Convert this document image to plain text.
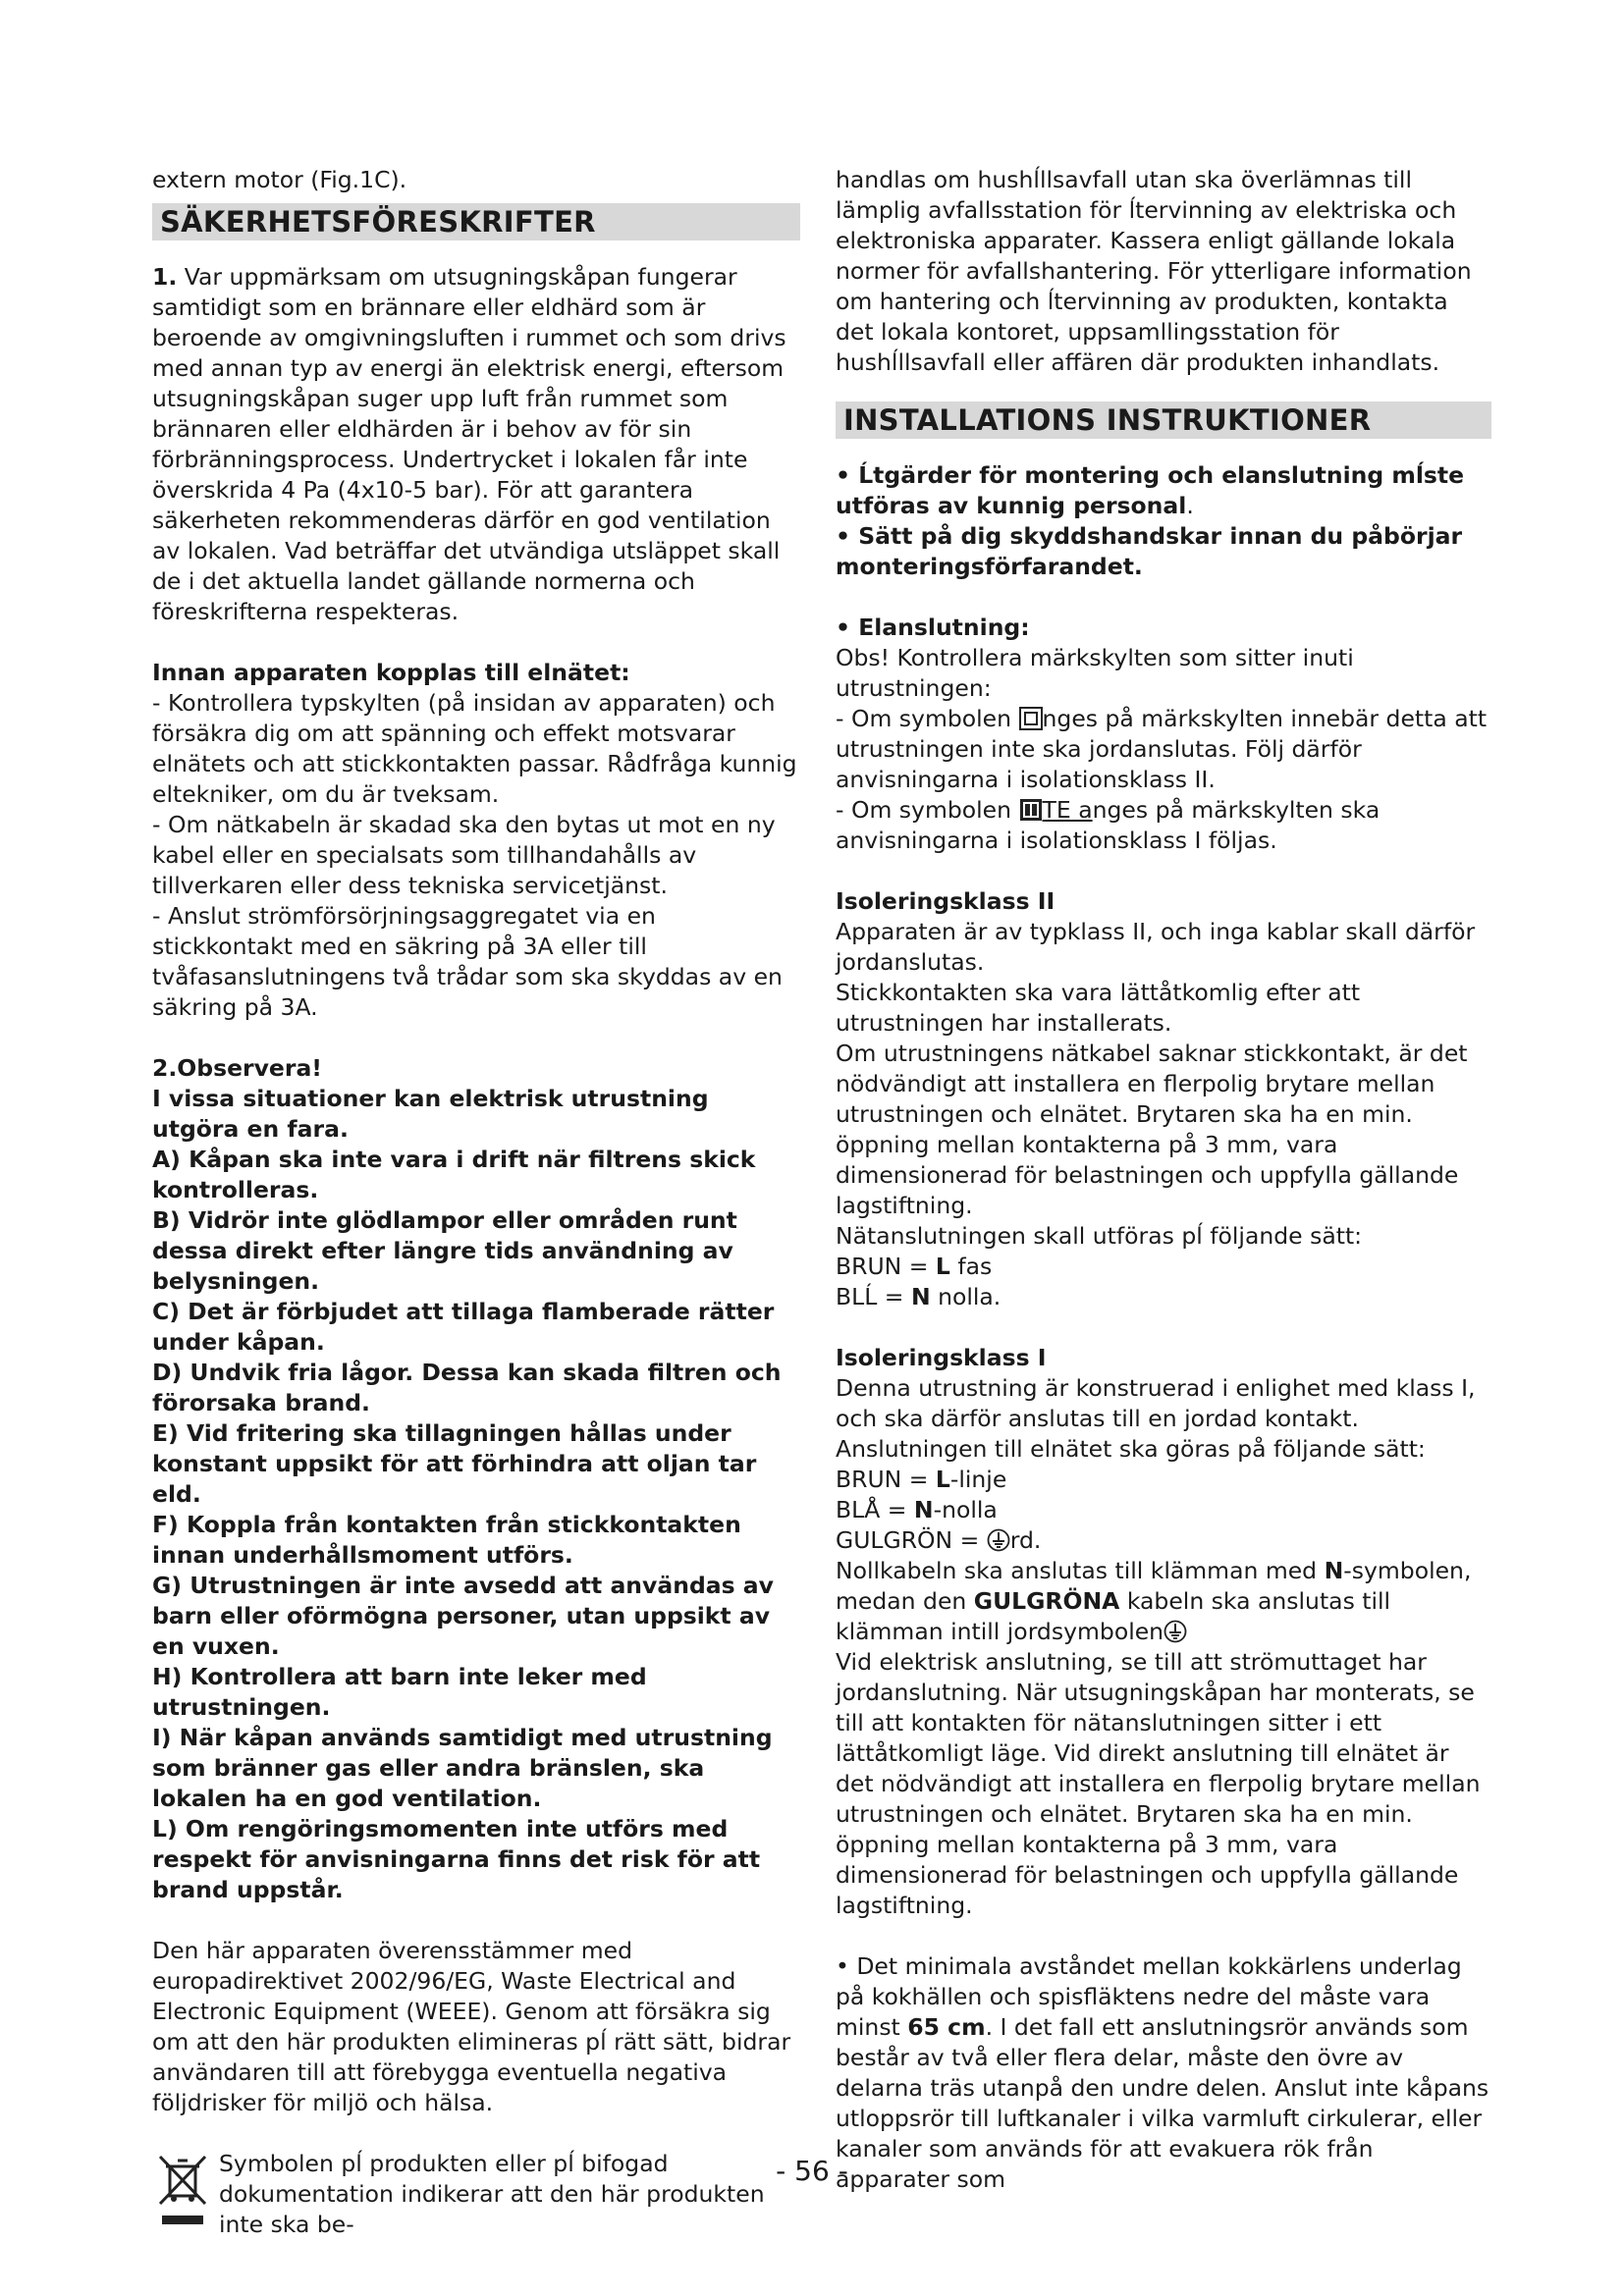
extern motor (Fig.1C).

SÄKERHETSFÖRESKRIFTER

1. Var uppmärksam om utsugningskåpan fungerar samtidigt som en brännare eller eldhärd som är beroende av omgivningsluften i rummet och som drivs med annan typ av energi än elektrisk energi, eftersom utsugningskåpan suger upp luft från rummet som brännaren eller eldhärden är i behov av för sin förbränningsprocess. Undertrycket i lokalen får inte överskrida 4 Pa (4x10-5 bar). För att garantera säkerheten rekommenderas därför en god ventilation av lokalen. Vad beträffar det utvändiga utsläppet skall de i det aktuella landet gällande normerna och föreskrifterna respekteras.

Innan apparaten kopplas till elnätet:

- Kontrollera typskylten (på insidan av apparaten) och försäkra dig om att spänning och effekt motsvarar elnätets och att stickkontakten passar. Rådfråga kunnig eltekniker, om du är tveksam.

- Om nätkabeln är skadad ska den bytas ut mot en ny kabel eller en specialsats som tillhandahålls av tillverkaren eller dess tekniska servicetjänst.

- Anslut strömförsörjningsaggregatet via en stickkontakt med en säkring på 3A eller till tvåfasanslutningens två trådar som ska skyddas av en säkring på 3A.

2.Observera!

I vissa situationer kan elektrisk utrustning utgöra en fara.

A) Kåpan ska inte vara i drift när filtrens skick kontrolleras.

B) Vidrör inte glödlampor eller områden runt dessa direkt efter längre tids användning av belysningen.

C) Det är förbjudet att tillaga flamberade rätter under kåpan.

D) Undvik fria lågor. Dessa kan skada filtren och förorsaka brand.

E) Vid fritering ska tillagningen hållas under konstant uppsikt för att förhindra att oljan tar eld.

F) Koppla från kontakten från stickkontakten innan underhållsmoment utförs.

G) Utrustningen är inte avsedd att användas av barn eller oförmögna personer, utan uppsikt av en vuxen.

H) Kontrollera att barn inte leker med utrustningen.

I) När kåpan används samtidigt med utrustning som bränner gas eller andra bränslen, ska lokalen ha en god ventilation.

L) Om rengöringsmomenten inte utförs med respekt för anvisningarna finns det risk för att brand uppstår.

Den här apparaten överensstämmer med europadirektivet 2002/96/EG, Waste Electrical and Electronic Equipment (WEEE). Genom att försäkra sig om att den här produkten elimineras pĺ rätt sätt, bidrar användaren till att förebygga eventuella negativa följdrisker för miljö och hälsa.

Symbolen pĺ produkten eller pĺ bifogad dokumentation indikerar att den här produkten inte ska be-

handlas om hushĺllsavfall utan ska överlämnas till lämplig avfallsstation för ĺtervinning av elektriska och elektroniska apparater. Kassera enligt gällande lokala normer för avfallshantering. För ytterligare information om hantering och ĺtervinning av produkten, kontakta det lokala kontoret, uppsamllingsstation för hushĺllsavfall eller affären där produkten inhandlats.

INSTALLATIONS INSTRUKTIONER

• Ĺtgärder för montering och elanslutning mĺste utföras av kunnig personal.

• Sätt på dig skyddshandskar innan du påbörjar monteringsförfarandet.

• Elanslutning:

Obs! Kontrollera märkskylten som sitter inuti utrustningen:

- Om symbolen nges på märkskylten innebär detta att utrustningen inte ska jordanslutas. Följ därför anvisningarna i isolationsklass II.

- Om symbolen TE anges på märkskylten ska anvisningarna i isolationsklass I följas.

Isoleringsklass II

Apparaten är av typklass II, och inga kablar skall därför jordanslutas.

Stickkontakten ska vara lättåtkomlig efter att utrustningen har installerats.

Om utrustningens nätkabel saknar stickkontakt, är det nödvändigt att installera en flerpolig brytare mellan utrustningen och elnätet. Brytaren ska ha en min. öppning mellan kontakterna på 3 mm, vara dimensionerad för belastningen och uppfylla gällande lagstiftning.

Nätanslutningen skall utföras pĺ följande sätt:

BRUN = L fas

BLĹ = N nolla.

Isoleringsklass I

Denna utrustning är konstruerad i enlighet med klass I, och ska därför anslutas till en jordad kontakt.

Anslutningen till elnätet ska göras på följande sätt:

BRUN = L-linje

BLÅ = N-nolla

GULGRÖN = rd.

Nollkabeln ska anslutas till klämman med N-symbolen, medan den GULGRÖNA kabeln ska anslutas till klämman intill jordsymbolen

Vid elektrisk anslutning, se till att strömuttaget har jordanslutning. När utsugningskåpan har monterats, se till att kontakten för nätanslutningen sitter i ett lättåtkomligt läge. Vid direkt anslutning till elnätet är det nödvändigt att installera en flerpolig brytare mellan utrustningen och elnätet. Brytaren ska ha en min. öppning mellan kontakterna på 3 mm, vara dimensionerad för belastningen och uppfylla gällande lagstiftning.

• Det minimala avståndet mellan kokkärlens underlag på kokhällen och spisfläktens nedre del måste vara minst 65 cm. I det fall ett anslutningsrör används som består av två eller flera delar, måste den övre av delarna träs utanpå den undre delen. Anslut inte kåpans utloppsrör till luftkanaler i vilka varmluft cirkulerar, eller kanaler som används för att evakuera rök från apparater som

- 56 -
